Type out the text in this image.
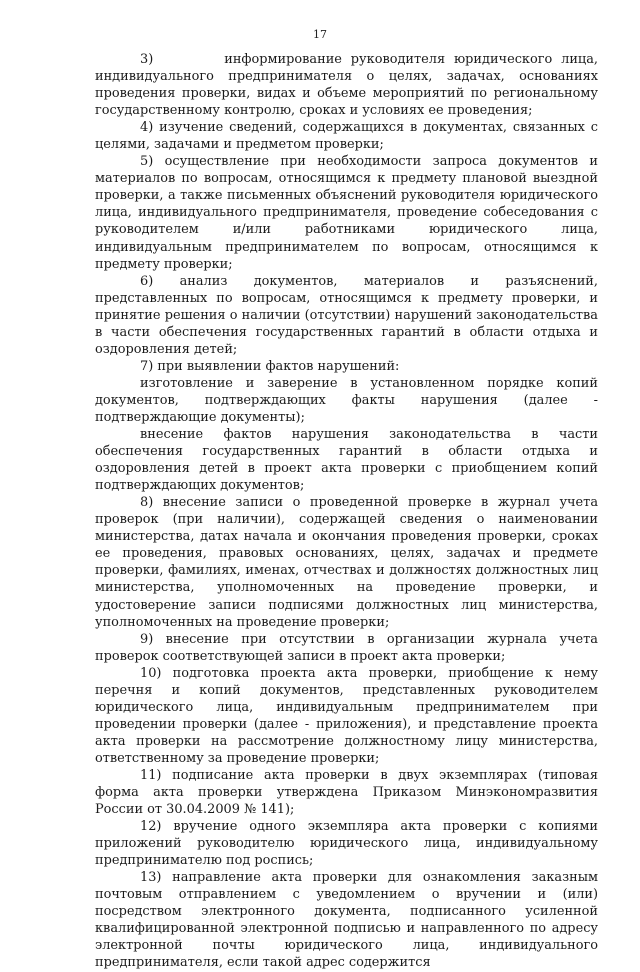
17

3)        информирование руководителя юридического лица, индивидуального предпринимателя о целях, задачах, основаниях проведения проверки, видах и объеме мероприятий по региональному государственному контролю, сроках и условиях ее проведения;

4) изучение сведений, содержащихся в документах, связанных с целями, задачами и предметом проверки;

5) осуществление при необходимости запроса документов и материалов по вопросам, относящимся к предмету плановой выездной проверки, а также письменных объяснений руководителя юридического лица, индивидуального предпринимателя, проведение собеседования с руководителем и/или работниками юридического лица, индивидуальным предпринимателем по вопросам, относящимся к предмету проверки;

6) анализ документов, материалов и разъяснений, представленных по вопросам, относящимся к предмету проверки, и принятие решения о наличии (отсутствии) нарушений законодательства в части обеспечения государственных гарантий в области отдыха и оздоровления детей;

7) при выявлении фактов нарушений:

изготовление и заверение в установленном порядке копий документов, подтверждающих факты нарушения (далее - подтверждающие документы);

внесение фактов нарушения законодательства в части обеспечения государственных гарантий в области отдыха и оздоровления детей в проект акта проверки с приобщением копий подтверждающих документов;

8) внесение записи о проведенной проверке в журнал учета проверок (при наличии), содержащей сведения о наименовании министерства, датах начала и окончания проведения проверки, сроках ее проведения, правовых основаниях, целях, задачах и предмете проверки, фамилиях, именах, отчествах и должностях должностных лиц министерства, уполномоченных на проведение проверки, и удостоверение записи подписями должностных лиц министерства, уполномоченных на проведение проверки;

9) внесение при отсутствии в организации журнала учета проверок соответствующей записи в проект акта проверки;

10) подготовка проекта акта проверки, приобщение к нему перечня и копий документов, представленных руководителем юридического лица, индивидуальным предпринимателем при проведении проверки (далее - приложения), и представление проекта акта проверки на рассмотрение должностному лицу министерства, ответственному за проведение проверки;

11) подписание акта проверки в двух экземплярах (типовая форма акта проверки утверждена Приказом Минэкономразвития России от 30.04.2009 № 141);

12) вручение одного экземпляра акта проверки с копиями приложений руководителю юридического лица, индивидуальному предпринимателю под роспись;

13) направление акта проверки для ознакомления заказным почтовым отправлением с уведомлением о вручении и (или) посредством электронного документа, подписанного усиленной квалифицированной электронной подписью и направленного по адресу электронной почты юридического лица, индивидуального предпринимателя, если такой адрес содержится
